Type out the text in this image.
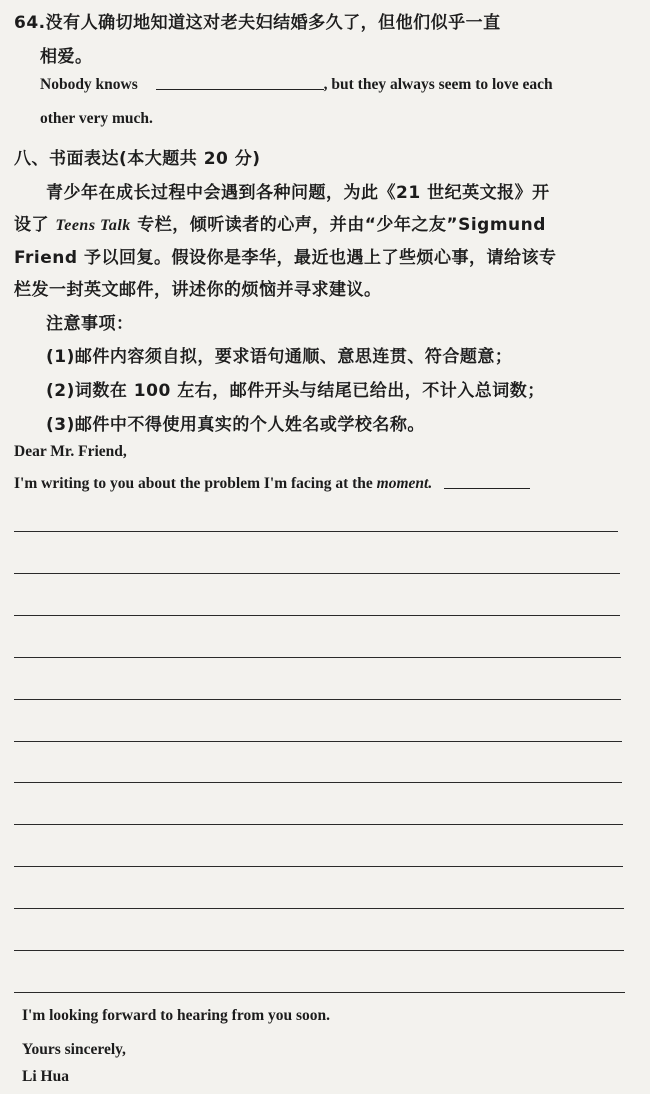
64.没有人确切地知道这对老夫妇结婚多久了，但他们似乎一直
相爱。
Nobody knows	, but they always seem to love each
other very much.
八、书面表达(本大题共 20 分)
青少年在成长过程中会遇到各种问题，为此《21 世纪英文报》开
设了 Teens Talk 专栏，倾听读者的心声，并由“少年之友”Sigmund
Friend 予以回复。假设你是李华，最近也遇上了些烦心事，请给该专
栏发一封英文邮件，讲述你的烦恼并寻求建议。
注意事项：
(1)邮件内容须自拟，要求语句通顺、意思连贯、符合题意；
(2)词数在 100 左右，邮件开头与结尾已给出，不计入总词数；
(3)邮件中不得使用真实的个人姓名或学校名称。
Dear Mr. Friend,
I'm writing to you about the problem I'm facing at the moment.
I'm looking forward to hearing from you soon.
Yours sincerely,
Li Hua
